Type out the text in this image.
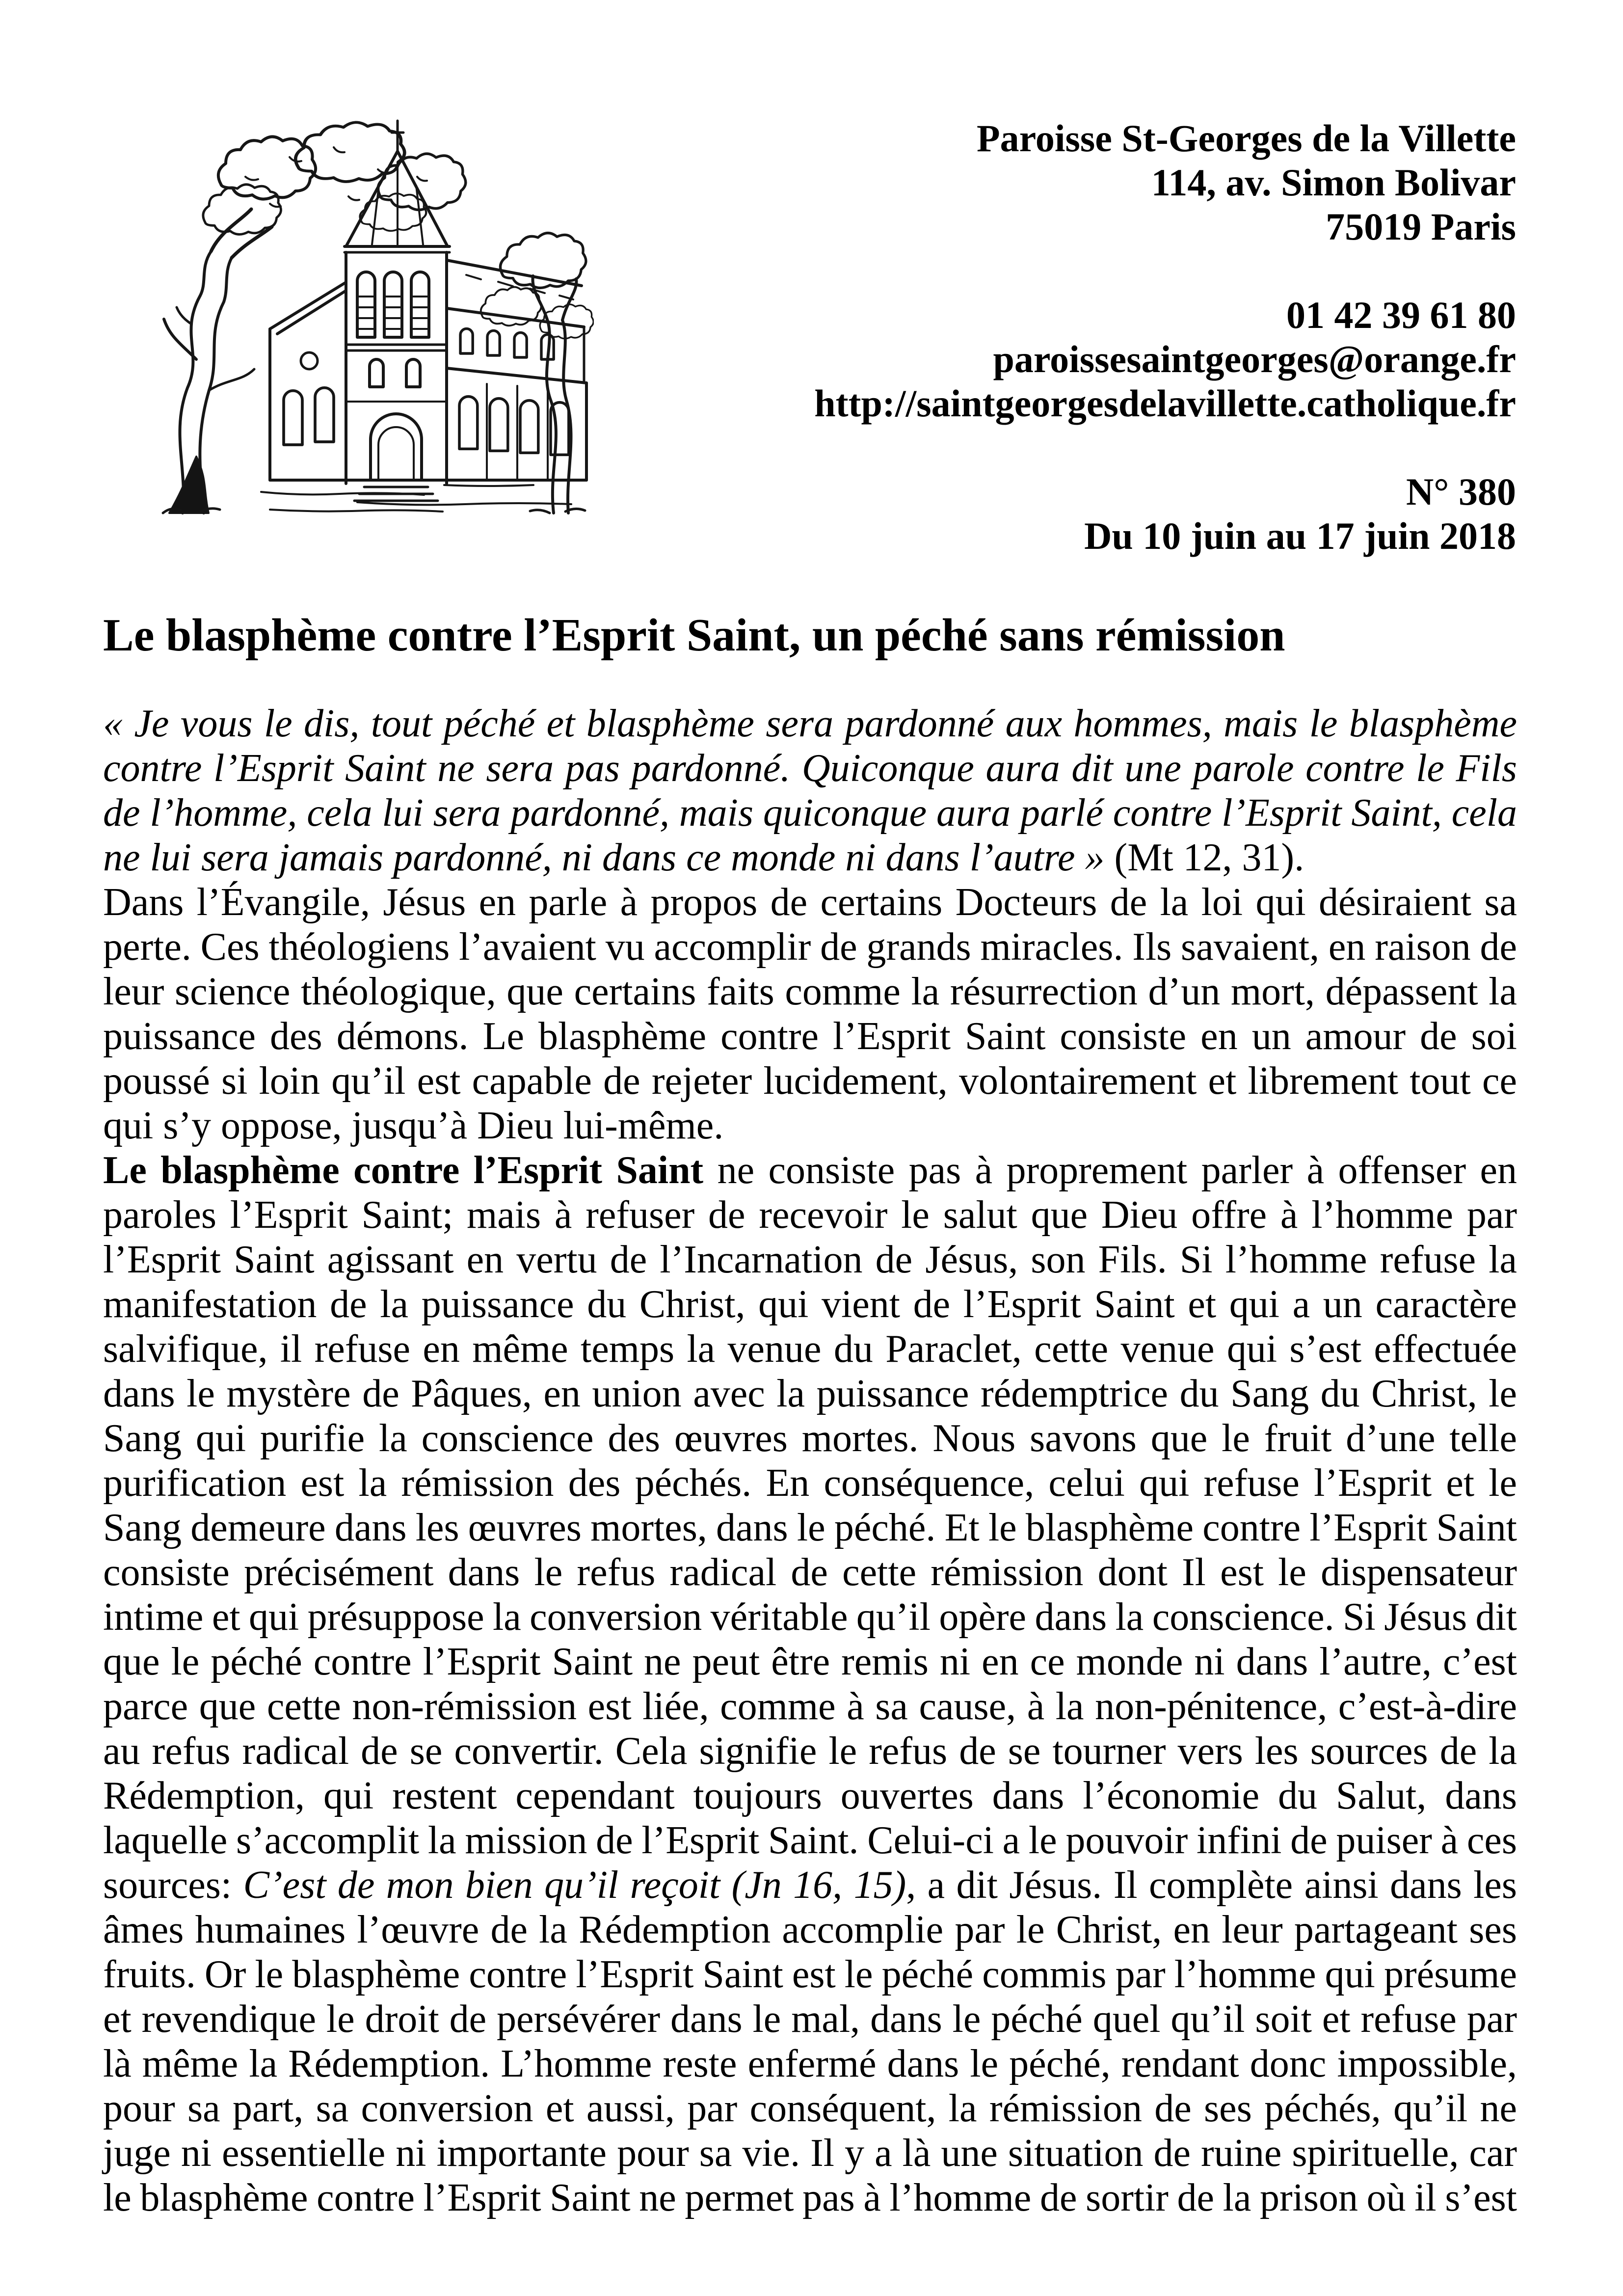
Paroisse St-Georges de la Villette
114, av. Simon Bolivar
75019 Paris
01 42 39 61 80
paroissesaintgeorges@orange.fr
http://saintgeorgesdelavillette.catholique.fr
N° 380
Du 10 juin au 17 juin 2018
Le blasphème contre l’Esprit Saint, un péché sans rémission
« Je vous le dis, tout péché et blasphème sera pardonné aux hommes, mais le blasphème
contre l’Esprit Saint ne sera pas pardonné. Quiconque aura dit une parole contre le Fils
de l’homme, cela lui sera pardonné, mais quiconque aura parlé contre l’Esprit Saint, cela
ne lui sera jamais pardonné, ni dans ce monde ni dans l’autre » (Mt 12, 31).
Dans l’Évangile, Jésus en parle à propos de certains Docteurs de la loi qui désiraient sa
perte. Ces théologiens l’avaient vu accomplir de grands miracles. Ils savaient, en raison de
leur science théologique, que certains faits comme la résurrection d’un mort, dépassent la
puissance des démons. Le blasphème contre l’Esprit Saint consiste en un amour de soi
poussé si loin qu’il est capable de rejeter lucidement, volontairement et librement tout ce
qui s’y oppose, jusqu’à Dieu lui-même.
Le blasphème contre l’Esprit Saint ne consiste pas à proprement parler à offenser en
paroles l’Esprit Saint; mais à refuser de recevoir le salut que Dieu offre à l’homme par
l’Esprit Saint agissant en vertu de l’Incarnation de Jésus, son Fils. Si l’homme refuse la
manifestation de la puissance du Christ, qui vient de l’Esprit Saint et qui a un caractère
salvifique, il refuse en même temps la venue du Paraclet, cette venue qui s’est effectuée
dans le mystère de Pâques, en union avec la puissance rédemptrice du Sang du Christ, le
Sang qui purifie la conscience des œuvres mortes. Nous savons que le fruit d’une telle
purification est la rémission des péchés. En conséquence, celui qui refuse l’Esprit et le
Sang demeure dans les œuvres mortes, dans le péché. Et le blasphème contre l’Esprit Saint
consiste précisément dans le refus radical de cette rémission dont Il est le dispensateur
intime et qui présuppose la conversion véritable qu’il opère dans la conscience. Si Jésus dit
que le péché contre l’Esprit Saint ne peut être remis ni en ce monde ni dans l’autre, c’est
parce que cette non-rémission est liée, comme à sa cause, à la non-pénitence, c’est-à-dire
au refus radical de se convertir. Cela signifie le refus de se tourner vers les sources de la
Rédemption, qui restent cependant toujours ouvertes dans l’économie du Salut, dans
laquelle s’accomplit la mission de l’Esprit Saint. Celui-ci a le pouvoir infini de puiser à ces
sources: C’est de mon bien qu’il reçoit (Jn 16, 15), a dit Jésus. Il complète ainsi dans les
âmes humaines l’œuvre de la Rédemption accomplie par le Christ, en leur partageant ses
fruits. Or le blasphème contre l’Esprit Saint est le péché commis par l’homme qui présume
et revendique le droit de persévérer dans le mal, dans le péché quel qu’il soit et refuse par
là même la Rédemption. L’homme reste enfermé dans le péché, rendant donc impossible,
pour sa part, sa conversion et aussi, par conséquent, la rémission de ses péchés, qu’il ne
juge ni essentielle ni importante pour sa vie. Il y a là une situation de ruine spirituelle, car
le blasphème contre l’Esprit Saint ne permet pas à l’homme de sortir de la prison où il s’est
